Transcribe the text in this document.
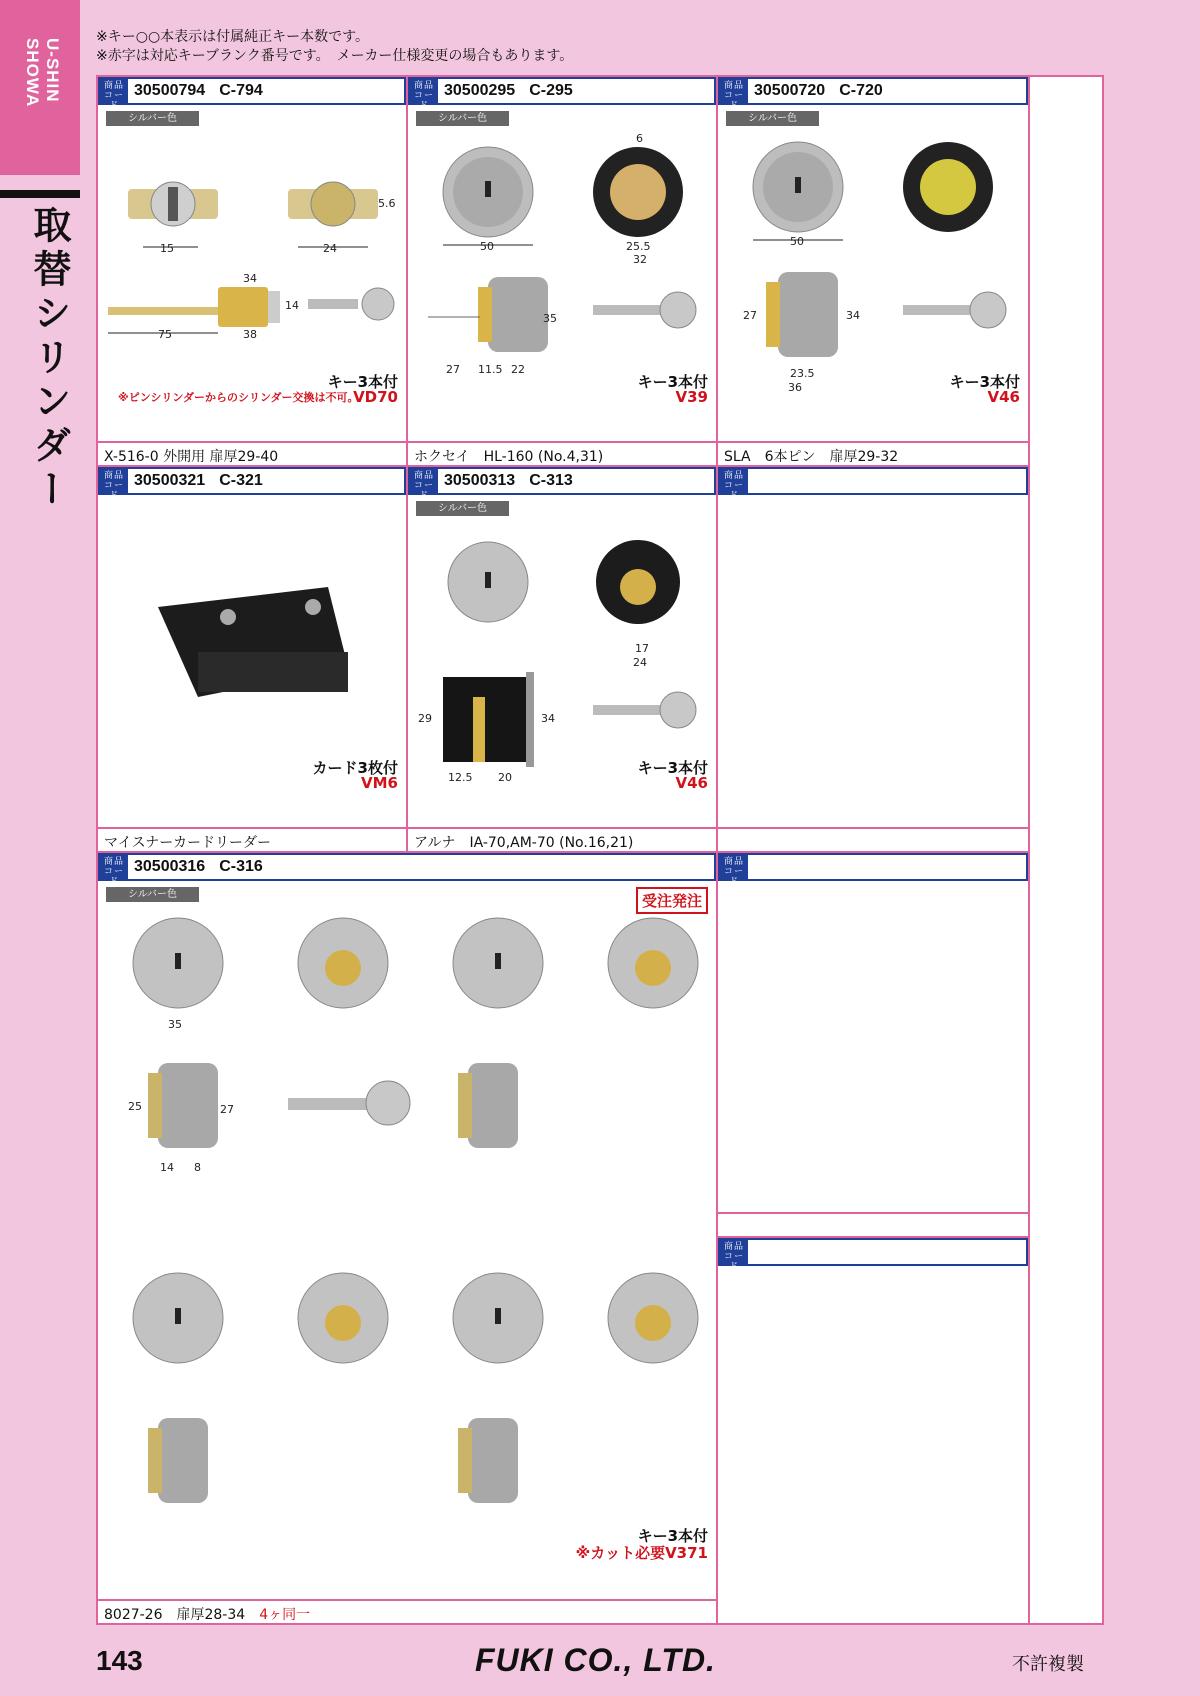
U-SHIN SHOWA
取替シリンダー
※キー○○本表示は付属純正キー本数です。
※赤字は対応キーブランク番号です。　メーカー仕様変更の場合もあります。
商品コード
30500794 C-794
シルバー色
15	24
5.6
34
14
75	38
キー3本付
※ピンシリンダーからのシリンダー交換は不可。
VD70
X-516-0 外開用 扉厚29-40
商品コード
30500295 C-295
シルバー色
6
50	25.5
32
35
27 11.5 22
キー3本付
V39
ホクセイ　HL-160 (No.4,31)
商品コード
30500720 C-720
シルバー色
50
27	34
23.5
36	キー3本付
V46
SLA　6本ピン　扉厚29-32
商品コード
30500321 C-321
カード3枚付
VM6
マイスナーカードリーダー
商品コード
30500313 C-313
シルバー色
17
24
29	34
12.5 20
キー3本付
V46
アルナ　IA-70,AM-70 (No.16,21)
商品コード
商品コード
30500316 C-316
シルバー色	受注発注
35
25	27
14 8
キー3本付
※カット必要V371
8027-26　扉厚28-34　 4ヶ同一
商品コード
商品コード
143	FUKI CO., LTD.	不許複製
